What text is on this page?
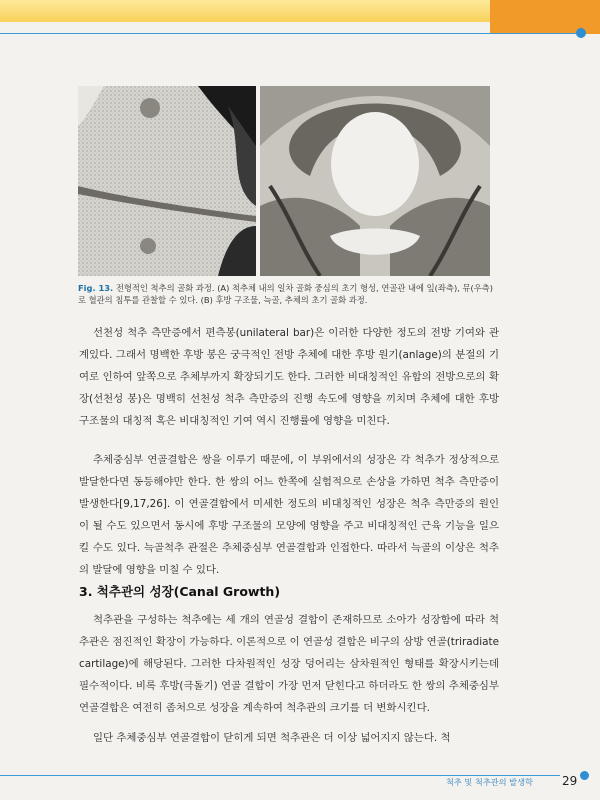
Fig. 13. 전형적인 척추의 골화 과정. (A) 척추체 내의 일차 골화 중심의 초기 형성, 연골관 내에 잎(좌측), 뮤(우측)로 혈관의 침투를 관찰할 수 있다. (B) 후방 구조물, 늑골, 추체의 초기 골화 과정.
선천성 척추 측만증에서 편측봉(unilateral bar)은 이러한 다양한 정도의 전방 기여와 관계있다. 그래서 명백한 후방 봉은 궁극적인 전방 추체에 대한 후방 원기(anlage)의 분절의 기여로 인하여 앞쪽으로 추체부까지 확장되기도 한다. 그러한 비대칭적인 유합의 전방으로의 확장(선천성 봉)은 명백히 선천성 척추 측만증의 진행 속도에 영향을 끼치며 추체에 대한 후방 구조물의 대칭적 혹은 비대칭적인 기여 역시 진행률에 영향을 미친다.
추체중심부 연골결합은 쌍을 이루기 때문에, 이 부위에서의 성장은 각 척추가 정상적으로 발달한다면 동등해야만 한다. 한 쌍의 어느 한쪽에 실험적으로 손상을 가하면 척추 측만증이 발생한다[9,17,26]. 이 연골결합에서 미세한 정도의 비대칭적인 성장은 척추 측만증의 원인이 될 수도 있으면서 동시에 후방 구조물의 모양에 영향을 주고 비대칭적인 근육 기능을 일으킬 수도 있다. 늑골척추 관절은 추체중심부 연골결합과 인접한다. 따라서 늑골의 이상은 척추의 발달에 영향을 미칠 수 있다.
3. 척추관의 성장(Canal Growth)
척추관을 구성하는 척추에는 세 개의 연골성 결합이 존재하므로 소아가 성장함에 따라 척추관은 점진적인 확장이 가능하다. 이론적으로 이 연골성 결합은 비구의 삼방 연골(triradiate cartilage)에 해당된다. 그러한 다차원적인 성장 덩어리는 삼차원적인 형태를 확장시키는데 필수적이다. 비록 후방(극돌기) 연골 결합이 가장 먼저 닫힌다고 하더라도 한 쌍의 추체중심부 연골결합은 여전히 좀처으로 성장을 계속하여 척추관의 크기를 더 변화시킨다.
일단 추체중심부 연골결합이 닫히게 되면 척추관은 더 이상 넓어지지 않는다. 척
척추 및 척추관의 발생학 29
